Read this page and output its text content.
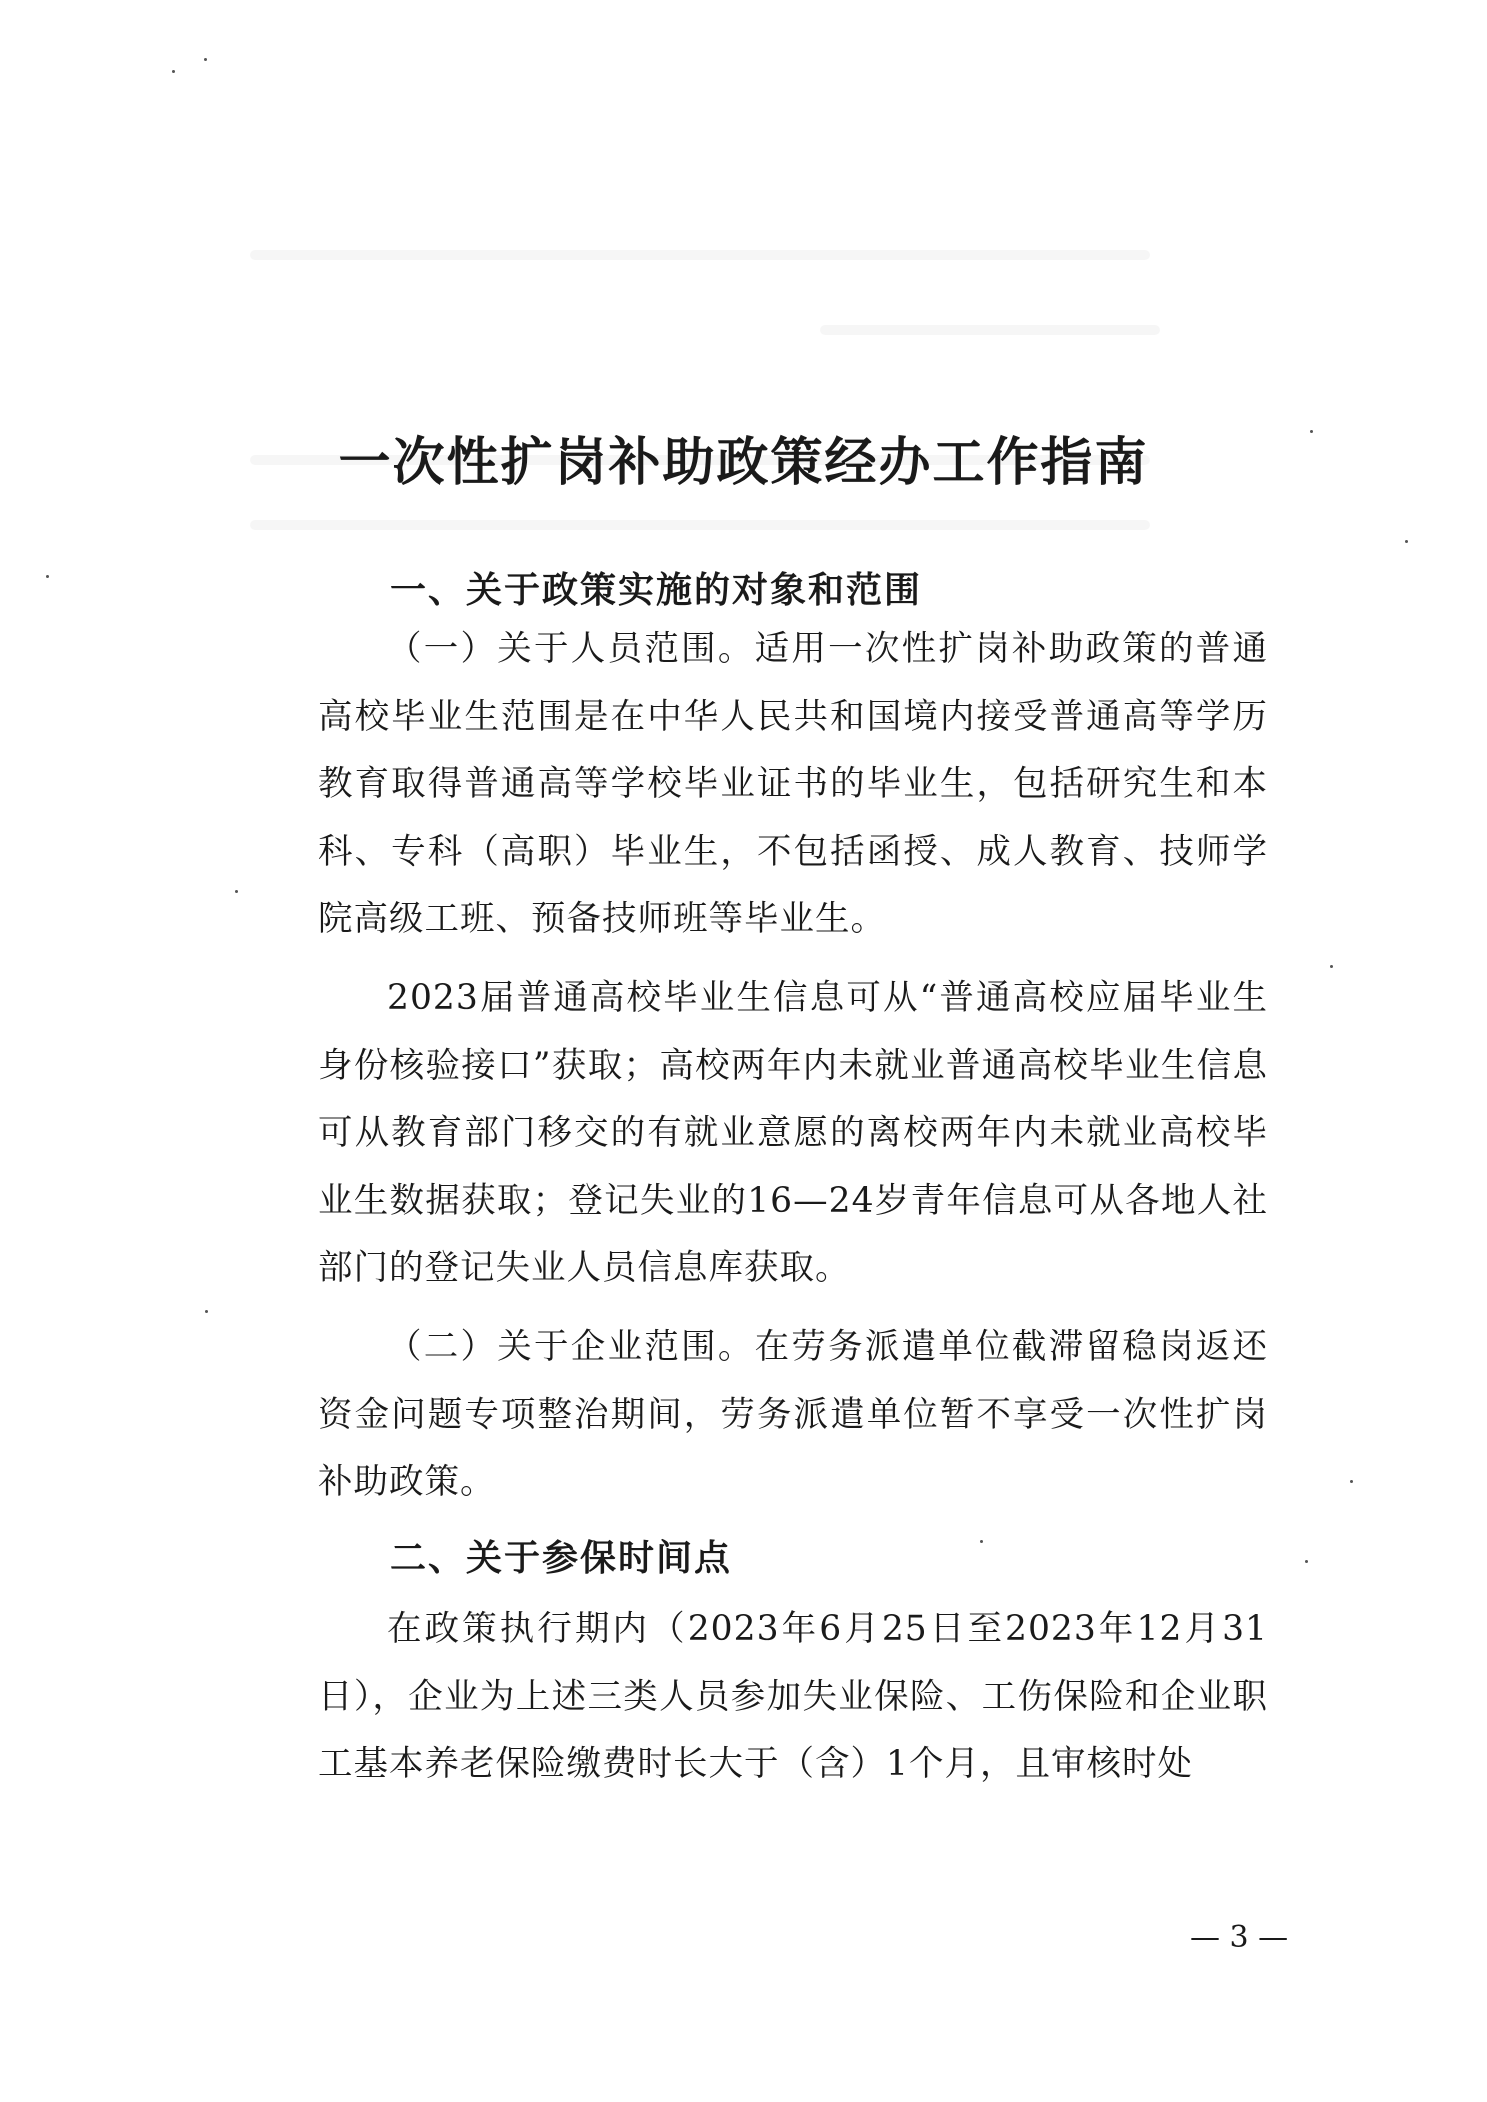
一次性扩岗补助政策经办工作指南
一、关于政策实施的对象和范围

（一）关于人员范围。适用一次性扩岗补助政策的普通高校毕业生范围是在中华人民共和国境内接受普通高等学历教育取得普通高等学校毕业证书的毕业生，包括研究生和本科、专科（高职）毕业生，不包括函授、成人教育、技师学院高级工班、预备技师班等毕业生。

2023届普通高校毕业生信息可从“普通高校应届毕业生身份核验接口”获取；高校两年内未就业普通高校毕业生信息可从教育部门移交的有就业意愿的离校两年内未就业高校毕业生数据获取；登记失业的16—24岁青年信息可从各地人社部门的登记失业人员信息库获取。

（二）关于企业范围。在劳务派遣单位截滞留稳岗返还资金问题专项整治期间，劳务派遣单位暂不享受一次性扩岗补助政策。

二、关于参保时间点

在政策执行期内（2023年6月25日至2023年12月31日），企业为上述三类人员参加失业保险、工伤保险和企业职工基本养老保险缴费时长大于（含）1个月，且审核时处

— 3 —
